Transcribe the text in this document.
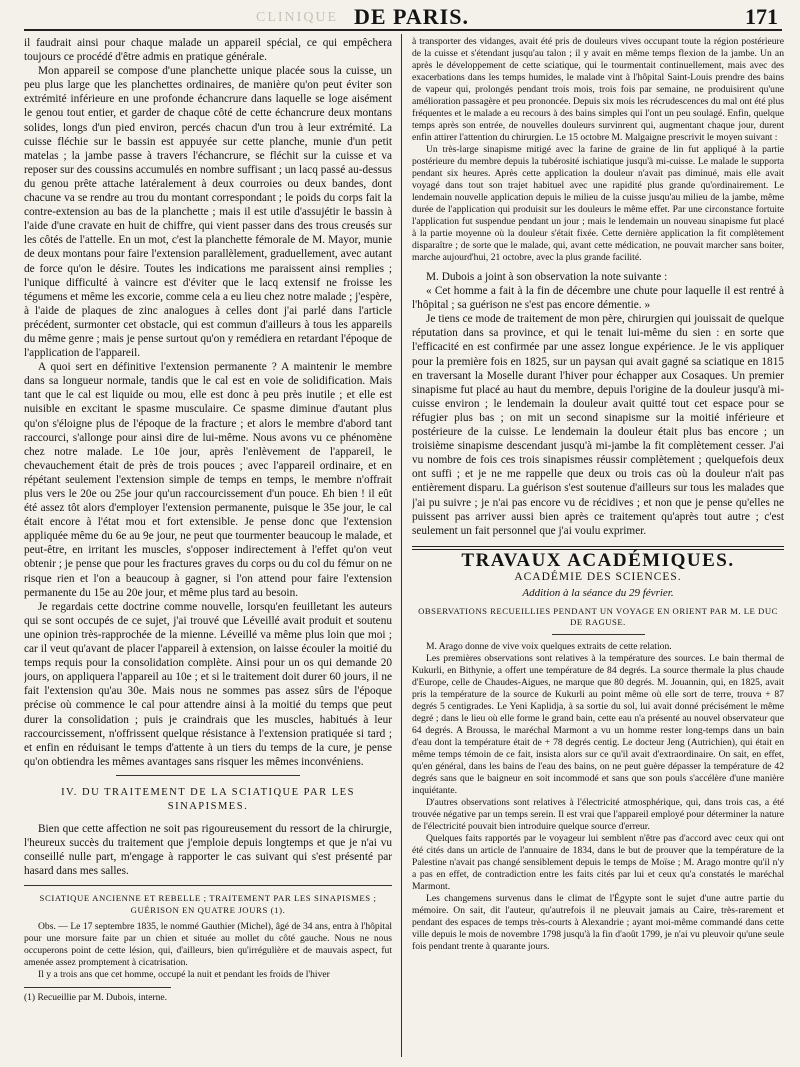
CLINIQUE DE PARIS.	171

il faudrait ainsi pour chaque malade un appareil spécial, ce qui empêchera toujours ce procédé d'être admis en pratique générale.

Mon appareil se compose d'une planchette unique placée sous la cuisse, un peu plus large que les planchettes ordinaires, de manière qu'on peut éviter son extrémité inférieure en une profonde échancrure dans laquelle se loge aisément le genou tout entier, et garder de chaque côté de cette échancrure deux montans solides, longs d'un pied environ, percés chacun d'un trou à leur extrémité. La cuisse fléchie sur le bassin est appuyée sur cette planche, munie d'un petit matelas ; la jambe passe à travers l'échancrure, se fléchit sur la cuisse et va reposer sur des coussins accumulés en nombre suffisant ; un lacq passé au-dessus du genou prête attache latéralement à deux courroies ou deux bandes, dont chacune va se rendre au trou du montant correspondant ; le poids du corps fait la contre-extension au bas de la planchette ; mais il est utile d'assujétir le bassin à l'aide d'une cravate en huit de chiffre, qui vient passer dans des trous creusés sur les côtés de l'attelle. En un mot, c'est la planchette fémorale de M. Mayor, munie de deux montans pour faire l'extension parallèlement, graduellement, avec autant de force qu'on le désire. Toutes les indications me paraissent ainsi remplies ; l'unique difficulté à vaincre est d'éviter que le lacq extensif ne froisse les tégumens et même les excorie, comme cela a eu lieu chez notre malade ; j'espère, à l'aide de plaques de zinc analogues à celles dont j'ai parlé dans l'article précédent, surmonter cet obstacle, qui est commun d'ailleurs à tous les appareils du même genre ; mais je pense surtout qu'on y remédiera en retardant l'époque de l'application de l'appareil.

A quoi sert en définitive l'extension permanente ? A maintenir le membre dans sa longueur normale, tandis que le cal est en voie de solidification. Mais tant que le cal est liquide ou mou, elle est donc à peu près inutile ; et elle est nuisible en excitant le spasme musculaire. Ce spasme diminue d'autant plus qu'on s'éloigne plus de l'époque de la fracture ; et alors le membre d'abord tant raccourci, s'allonge pour ainsi dire de lui-même. Nous avons vu ce phénomène chez notre malade. Le 10e jour, après l'enlèvement de l'appareil, le chevauchement était de près de trois pouces ; avec l'appareil ordinaire, et en répétant seulement l'extension simple de temps en temps, le membre n'offrait plus vers le 20e ou 25e jour qu'un raccourcissement d'un pouce. Eh bien ! il eût été assez tôt alors d'employer l'extension permanente, puisque le 35e jour, le cal était encore à l'état mou et fort extensible. Je pense donc que l'extension appliquée même du 6e au 9e jour, ne peut que tourmenter beaucoup le malade, et peut-être, en irritant les muscles, s'opposer indirectement à l'effet qu'on veut obtenir ; je pense que pour les fractures graves du corps ou du col du fémur on ne risque rien et l'on a beaucoup à gagner, si l'on attend pour faire l'extension permanente du 15e au 20e jour, et même plus tard au besoin.

Je regardais cette doctrine comme nouvelle, lorsqu'en feuilletant les auteurs qui se sont occupés de ce sujet, j'ai trouvé que Léveillé avait produit et soutenu une opinion très-rapprochée de la mienne. Léveillé va même plus loin que moi ; car il veut qu'avant de placer l'appareil à extension, on laisse écouler la moitié du temps requis pour la consolidation complète. Ainsi pour un os qui demande 20 jours, on appliquera l'appareil au 10e ; et si le traitement doit durer 60 jours, il ne fait l'extension qu'au 30e. Mais nous ne sommes pas assez sûrs de l'époque précise où commence le cal pour attendre ainsi à la moitié du temps que peut durer la consolidation ; puis je craindrais que les muscles, habitués à leur raccourcissement, n'offrissent quelque résistance à l'extension pratiquée si tard ; et enfin en réduisant le temps d'attente à un tiers du temps de la cure, je pense qu'on obtiendra les mêmes avantages sans risquer les mêmes inconvéniens.

IV. DU TRAITEMENT DE LA SCIATIQUE PAR LES SINAPISMES.

Bien que cette affection ne soit pas rigoureusement du ressort de la chirurgie, l'heureux succès du traitement que j'emploie depuis longtemps et que je n'ai vu conseillé nulle part, m'engage à rapporter le cas suivant qui s'est présenté par hasard dans mes salles.

SCIATIQUE ANCIENNE ET REBELLE ; TRAITEMENT PAR LES SINAPISMES ; GUÉRISON EN QUATRE JOURS (1).

Obs. — Le 17 septembre 1835, le nommé Gauthier (Michel), âgé de 34 ans, entra à l'hôpital pour une morsure faite par un chien et située au mollet du côté gauche. Nous ne nous occuperons point de cette lésion, qui, d'ailleurs, bien qu'irrégulière et de mauvais aspect, fut amenée assez promptement à cicatrisation.

Il y a trois ans que cet homme, occupé la nuit et pendant les froids de l'hiver

(1) Recueillie par M. Dubois, interne.

à transporter des vidanges, avait été pris de douleurs vives occupant toute la région postérieure de la cuisse et s'étendant jusqu'au talon ; il y avait en même temps flexion de la jambe. Un an après le développement de cette sciatique, qui le tourmentait continuellement, mais avec des exacerbations dans les temps humides, le malade vint à l'hôpital Saint-Louis prendre des bains de vapeur qui, prolongés pendant trois mois, trois fois par semaine, ne produisirent qu'une amélioration passagère et peu prononcée. Depuis six mois les récrudescences du mal ont été plus fréquentes et le malade a eu recours à des bains simples qui l'ont un peu soulagé. Enfin, quelque temps après son entrée, de nouvelles douleurs survinrent qui, augmentant chaque jour, durent enfin attirer l'attention du chirurgien. Le 15 octobre M. Malgaigne prescrivit le moyen suivant :

Un très-large sinapisme mitigé avec la farine de graine de lin fut appliqué à la partie postérieure du membre depuis la tubérosité ischiatique jusqu'à mi-cuisse. Le malade le supporta pendant six heures. Après cette application la douleur n'avait pas diminué, mais elle avait voyagé dans tout son trajet habituel avec une rapidité plus grande qu'ordinairement. Le lendemain nouvelle application depuis le milieu de la cuisse jusqu'au milieu de la jambe, même durée de l'application qui produisit sur les douleurs le même effet. Par une circonstance fortuite l'application fut suspendue pendant un jour ; mais le lendemain un nouveau sinapisme fut placé à la partie moyenne où la douleur s'était fixée. Cette dernière application la fit complètement disparaître ; de sorte que le malade, qui, avant cette médication, ne pouvait marcher sans boiter, marche aujourd'hui, 21 octobre, avec la plus grande facilité.

M. Dubois a joint à son observation la note suivante :

« Cet homme a fait à la fin de décembre une chute pour laquelle il est rentré à l'hôpital ; sa guérison ne s'est pas encore démentie. »

Je tiens ce mode de traitement de mon père, chirurgien qui jouissait de quelque réputation dans sa province, et qui le tenait lui-même du sien : en sorte que l'efficacité en est confirmée par une assez longue expérience. Je le vis appliquer pour la première fois en 1825, sur un paysan qui avait gagné sa sciatique en 1815 en traversant la Moselle durant l'hiver pour échapper aux Cosaques. Un premier sinapisme fut placé au haut du membre, depuis l'origine de la douleur jusqu'à mi-cuisse environ ; le lendemain la douleur avait quitté tout cet espace pour se réfugier plus bas ; on mit un second sinapisme sur la moitié inférieure et postérieure de la cuisse. Le lendemain la douleur était plus bas encore ; un troisième sinapisme descendant jusqu'à mi-jambe la fit complètement cesser. J'ai vu nombre de fois ces trois sinapismes réussir complètement ; quelquefois deux ont suffi ; et je ne me rappelle que deux ou trois cas où la douleur n'ait pas entièrement disparu. La guérison s'est soutenue d'ailleurs sur tous les malades que j'ai pu suivre ; je n'ai pas encore vu de récidives ; et non que je pense qu'elles ne puissent pas arriver aussi bien après ce traitement qu'après tout autre ; c'est seulement un fait personnel que j'ai voulu exprimer.

TRAVAUX ACADÉMIQUES.
ACADÉMIE DES SCIENCES.
Addition à la séance du 29 février.
OBSERVATIONS RECUEILLIES PENDANT UN VOYAGE EN ORIENT PAR M. LE DUC DE RAGUSE.

M. Arago donne de vive voix quelques extraits de cette relation.

Les premières observations sont relatives à la température des sources. Le bain thermal de Kukurli, en Bithynie, a offert une température de 84 degrés. La source thermale la plus chaude d'Europe, celle de Chaudes-Aigues, ne marque que 80 degrés. M. Jouannin, qui, en 1825, avait pris la température de la source de Kukurli au point même où elle sort de terre, trouva + 87 degrés 5 centigrades. Le Yeni Kaplidja, à sa sortie du sol, lui avait donné précisément le même degré ; dans le lieu où elle forme le grand bain, cette eau n'a présenté au nouvel observateur que 64 degrés. A Broussa, le maréchal Marmont a vu un homme rester long-temps dans un bain d'eau dont la température était de + 78 degrés centig. Le docteur Jeng (Autrichien), qui était en même temps témoin de ce fait, insista alors sur ce qu'il avait d'extraordinaire. On sait, en effet, qu'en général, dans les bains de l'eau des bains, on ne peut guère dépasser la température de 42 degrés sans que le baigneur en soit incommodé et sans que son pouls s'accélère d'une manière inquiétante.

D'autres observations sont relatives à l'électricité atmosphérique, qui, dans trois cas, a été trouvée négative par un temps serein. Il est vrai que l'appareil employé pour déterminer la nature de l'électricité pouvait bien introduire quelque source d'erreur.

Quelques faits rapportés par le voyageur lui semblent n'être pas d'accord avec ceux qui ont été cités dans un article de l'annuaire de 1834, dans le but de prouver que la température de la Palestine n'avait pas changé sensiblement depuis le temps de Moïse ; M. Arago montre qu'il n'y a pas en effet, de contradiction entre les faits cités par lui et ceux qu'a constatés le maréchal Marmont.

Les changemens survenus dans le climat de l'Égypte sont le sujet d'une autre partie du mémoire. On sait, dit l'auteur, qu'autrefois il ne pleuvait jamais au Caire, très-rarement et pendant des espaces de temps très-courts à Alexandrie ; ayant moi-même commandé dans cette ville depuis le mois de novembre 1798 jusqu'à la fin d'août 1799, je n'ai vu pleuvoir qu'une seule fois pendant trente à quarante jours.
